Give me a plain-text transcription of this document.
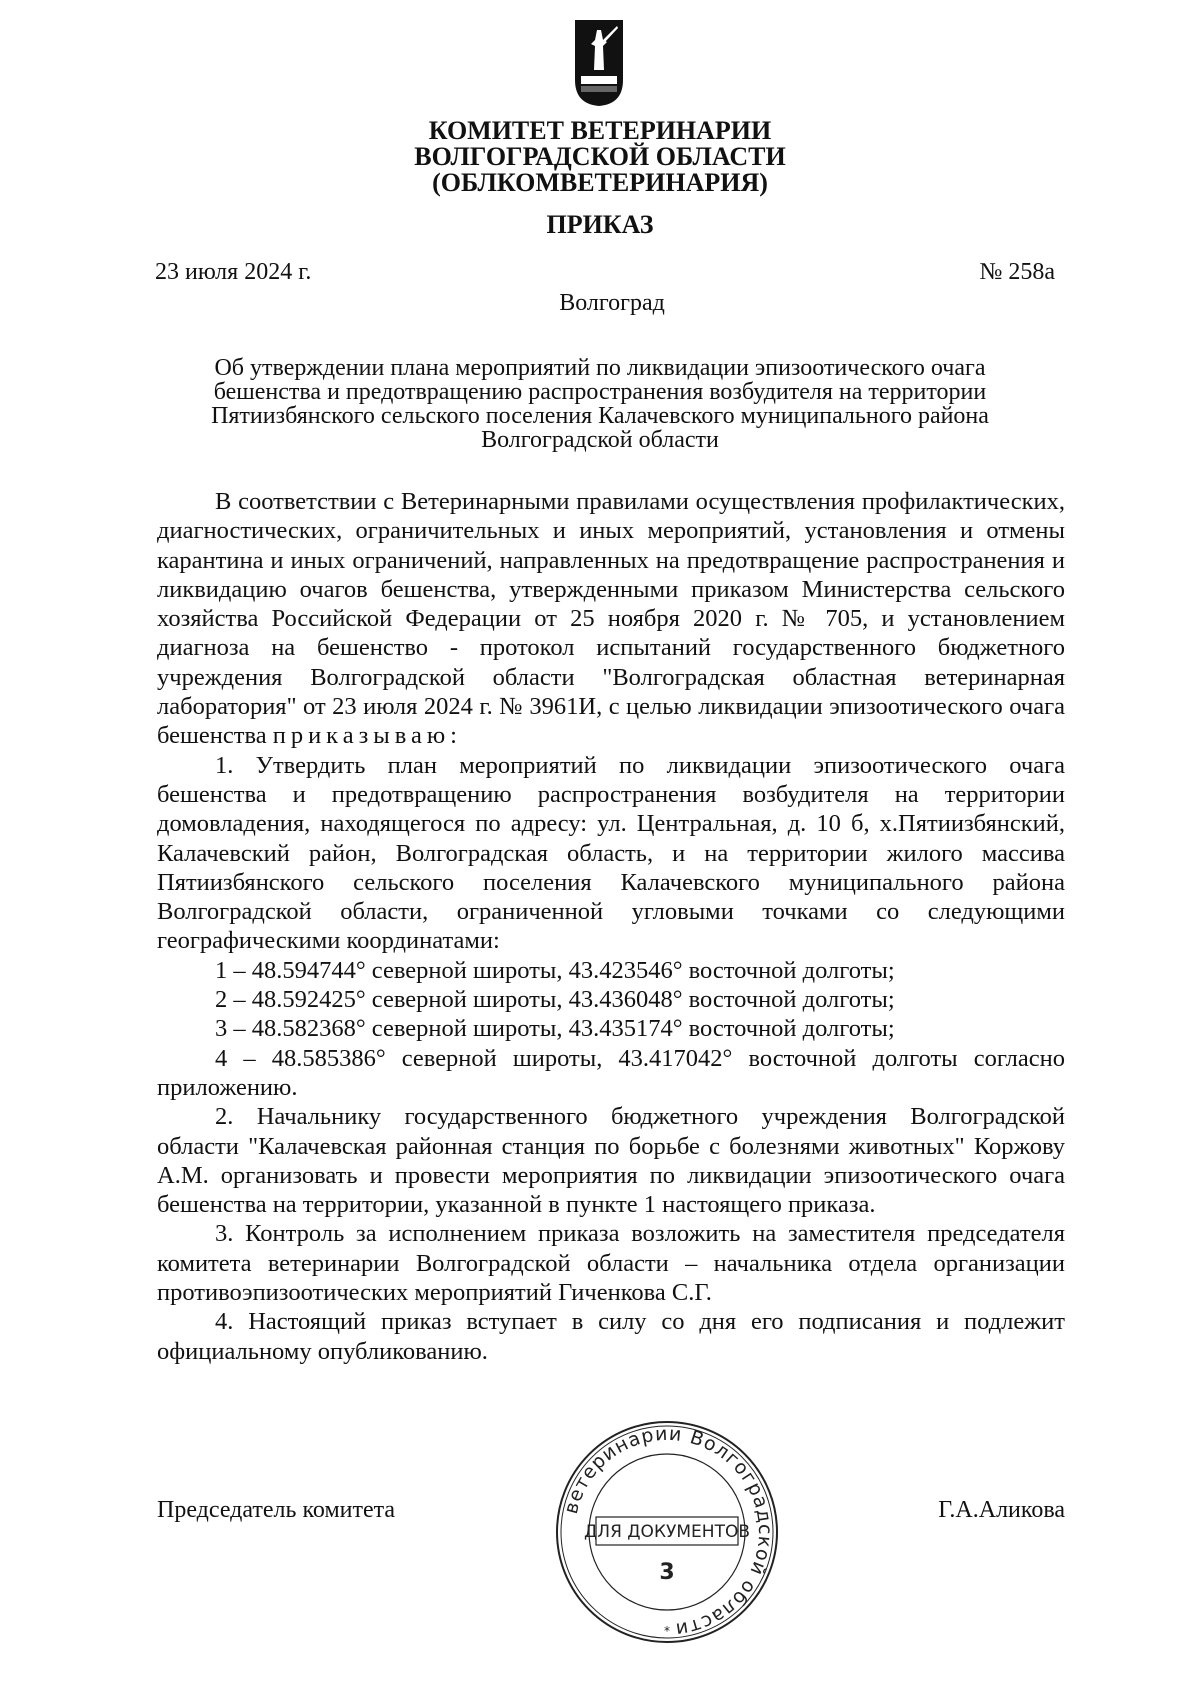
КОМИТЕТ ВЕТЕРИНАРИИ
ВОЛГОГРАДСКОЙ ОБЛАСТИ
(ОБЛКОМВЕТЕРИНАРИЯ)
ПРИКАЗ
23 июля 2024 г.	№ 258а
Волгоград
Об утверждении плана мероприятий по ликвидации эпизоотического очага
бешенства и предотвращению распространения возбудителя на территории
Пятиизбянского сельского поселения Калачевского муниципального района
Волгоградской области

В соответствии с Ветеринарными правилами осуществления профилактических, диагностических, ограничительных и иных мероприятий, установления и отмены карантина и иных ограничений, направленных на предотвращение распространения и ликвидацию очагов бешенства, утвержденными приказом Министерства сельского хозяйства Российской Федерации от 25 ноября 2020 г. № 705, и установлением диагноза на бешенство - протокол испытаний государственного бюджетного учреждения Волгоградской области "Волгоградская областная ветеринарная лаборатория" от 23 июля 2024 г. № 3961И, с целью ликвидации эпизоотического очага бешенства приказываю:

1. Утвердить план мероприятий по ликвидации эпизоотического очага бешенства и предотвращению распространения возбудителя на территории домовладения, находящегося по адресу: ул. Центральная, д. 10 б, х.Пятиизбянский, Калачевский район, Волгоградская область, и на территории жилого массива Пятиизбянского сельского поселения Калачевского муниципального района Волгоградской области, ограниченной угловыми точками со следующими географическими координатами:

1 – 48.594744° северной широты, 43.423546° восточной долготы;

2 – 48.592425° северной широты, 43.436048° восточной долготы;

3 – 48.582368° северной широты, 43.435174° восточной долготы;

4 – 48.585386° северной широты, 43.417042° восточной долготы согласно приложению.

2. Начальнику государственного бюджетного учреждения Волгоградской области "Калачевская районная станция по борьбе с болезнями животных" Коржову А.М. организовать и провести мероприятия по ликвидации эпизоотического очага бешенства на территории, указанной в пункте 1 настоящего приказа.

3. Контроль за исполнением приказа возложить на заместителя председателя комитета ветеринарии Волгоградской области – начальника отдела организации противоэпизоотических мероприятий Гиченкова С.Г.

4. Настоящий приказ вступает в силу со дня его подписания и подлежит официальному опубликованию.

Председатель комитета	Г.А.Аликова
ветеринарии Волгоградской области
ДЛЯ ДОКУМЕНТОВ
3
*
